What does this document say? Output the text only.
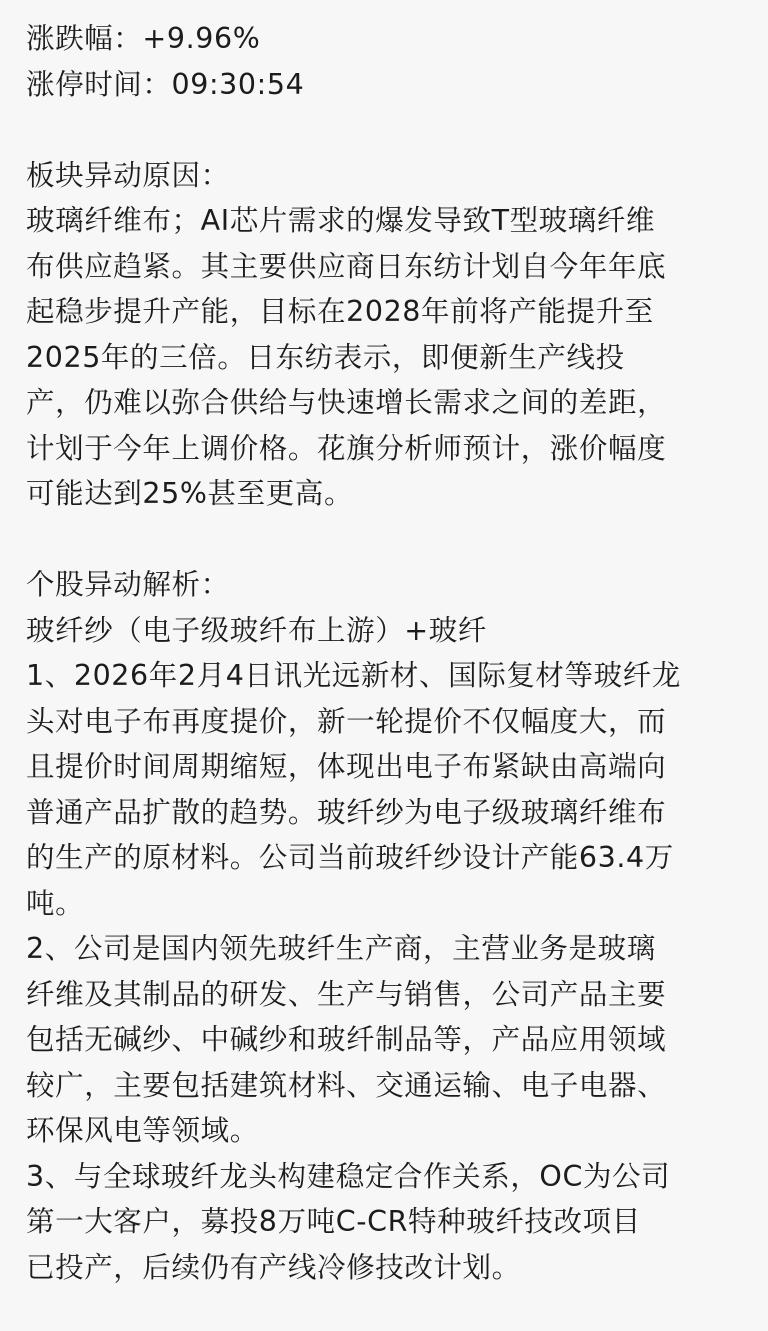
涨跌幅：+9.96%
涨停时间：09:30:54
板块异动原因：
玻璃纤维布；AI芯片需求的爆发导致T型玻璃纤维
布供应趋紧。其主要供应商日东纺计划自今年年底
起稳步提升产能，目标在2028年前将产能提升至
2025年的三倍。日东纺表示，即便新生产线投
产，仍难以弥合供给与快速增长需求之间的差距，
计划于今年上调价格。花旗分析师预计，涨价幅度
可能达到25%甚至更高。
个股异动解析：
玻纤纱（电子级玻纤布上游）+玻纤
1、2026年2月4日讯光远新材、国际复材等玻纤龙
头对电子布再度提价，新一轮提价不仅幅度大，而
且提价时间周期缩短，体现出电子布紧缺由高端向
普通产品扩散的趋势。玻纤纱为电子级玻璃纤维布
的生产的原材料。公司当前玻纤纱设计产能63.4万
吨。
2、公司是国内领先玻纤生产商，主营业务是玻璃
纤维及其制品的研发、生产与销售，公司产品主要
包括无碱纱、中碱纱和玻纤制品等，产品应用领域
较广，主要包括建筑材料、交通运输、电子电器、
环保风电等领域。
3、与全球玻纤龙头构建稳定合作关系，OC为公司
第一大客户，募投8万吨C-CR特种玻纤技改项目
已投产，后续仍有产线冷修技改计划。
